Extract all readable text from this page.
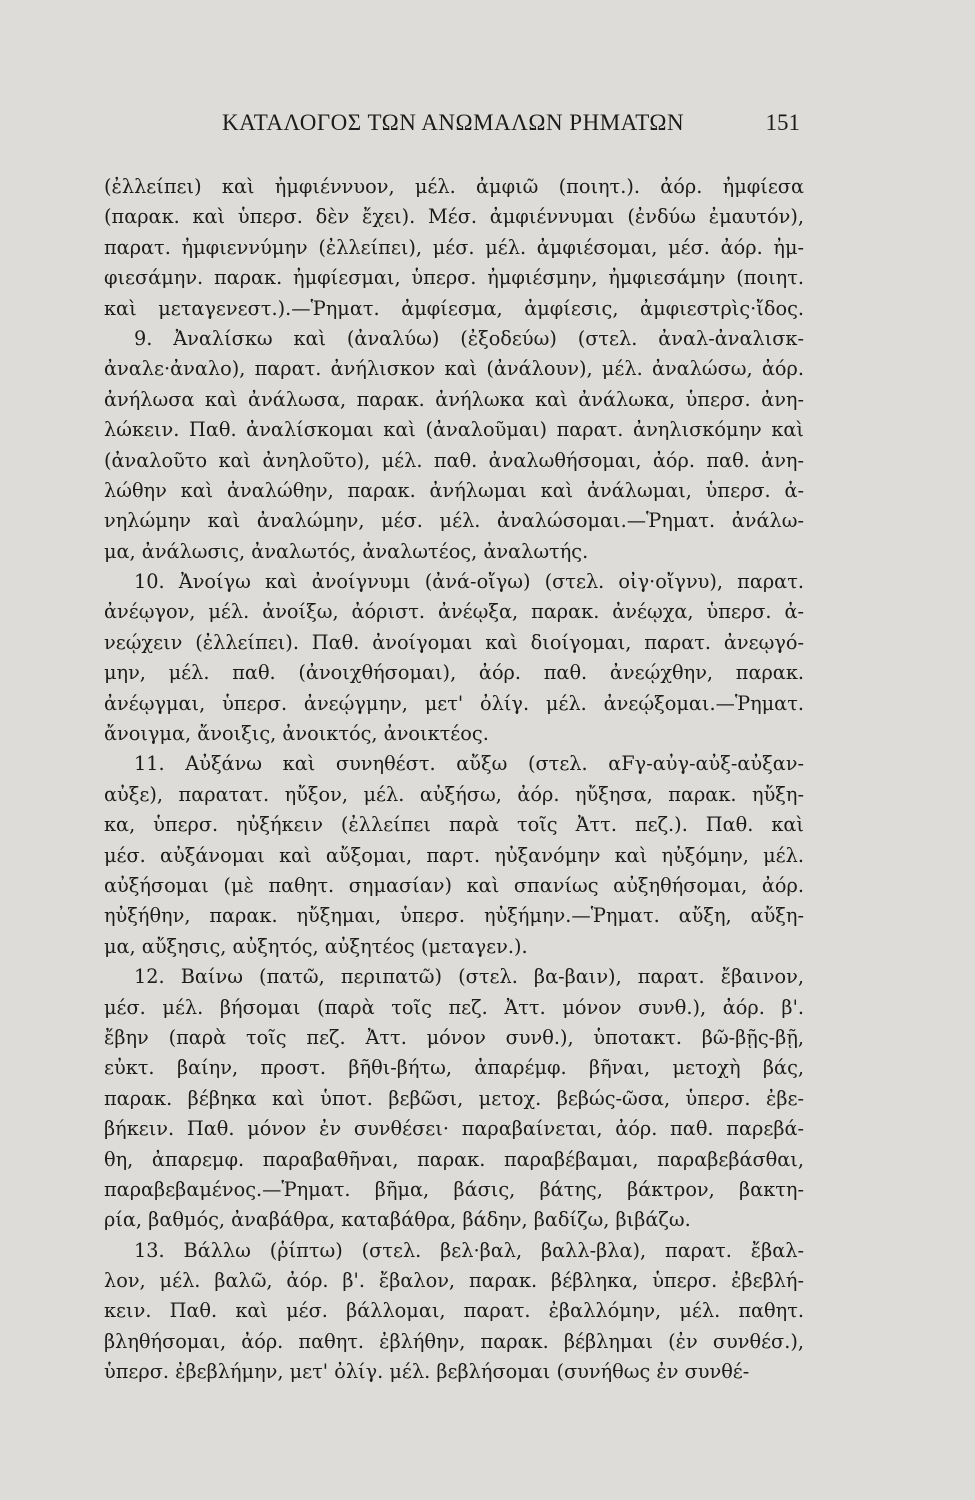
ΚΑΤΑΛΟΓΟΣ ΤΩΝ ΑΝΩΜΑΛΩΝ ΡΗΜΑΤΩΝ	151
(ἐλλείπει) καὶ ἠμφιέννυον, μέλ. ἀμφιῶ (ποιητ.). ἀόρ. ἠμφίεσα
(παρακ. καὶ ὑπερσ. δὲν ἔχει). Μέσ. ἀμφιέννυμαι (ἐνδύω ἐμαυτόν),
παρατ. ἠμφιεννύμην (ἐλλείπει), μέσ. μέλ. ἀμφιέσομαι, μέσ. ἀόρ. ἠμ-
φιεσάμην. παρακ. ἠμφίεσμαι, ὑπερσ. ἠμφιέσμην, ἠμφιεσάμην (ποιητ.
καὶ μεταγενεστ.).—Ῥηματ. ἀμφίεσμα, ἀμφίεσις, ἀμφιεστρὶς·ἴδος.
9. Ἀναλίσκω καὶ (ἀναλύω) (ἐξοδεύω) (στελ. ἀναλ-ἀναλισκ-
ἀναλε·ἀναλο), παρατ. ἀνήλισκον καὶ (ἀνάλουν), μέλ. ἀναλώσω, ἀόρ.
ἀνήλωσα καὶ ἀνάλωσα, παρακ. ἀνήλωκα καὶ ἀνάλωκα, ὑπερσ. ἀνη-
λώκειν. Παθ. ἀναλίσκομαι καὶ (ἀναλοῦμαι) παρατ. ἀνηλισκόμην καὶ
(ἀναλοῦτο καὶ ἀνηλοῦτο), μέλ. παθ. ἀναλωθήσομαι, ἀόρ. παθ. ἀνη-
λώθην καὶ ἀναλώθην, παρακ. ἀνήλωμαι καὶ ἀνάλωμαι, ὑπερσ. ἀ-
νηλώμην καὶ ἀναλώμην, μέσ. μέλ. ἀναλώσομαι.—Ῥηματ. ἀνάλω-
μα, ἀνάλωσις, ἀναλωτός, ἀναλωτέος, ἀναλωτής.
10. Ἀνοίγω καὶ ἀνοίγνυμι (ἀνά-οἴγω) (στελ. οἰγ·οἴγνυ), παρατ.
ἀνέῳγον, μέλ. ἀνοίξω, ἀόριστ. ἀνέῳξα, παρακ. ἀνέῳχα, ὑπερσ. ἀ-
νεῴχειν (ἐλλείπει). Παθ. ἀνοίγομαι καὶ διοίγομαι, παρατ. ἀνεῳγό-
μην, μέλ. παθ. (ἀνοιχθήσομαι), ἀόρ. παθ. ἀνεῴχθην, παρακ.
ἀνέῳγμαι, ὑπερσ. ἀνεῴγμην, μετ' ὀλίγ. μέλ. ἀνεῴξομαι.—Ῥηματ.
ἄνοιγμα, ἄνοιξις, ἀνοικτός, ἀνοικτέος.
11. Αὐξάνω καὶ συνηθέστ. αὔξω (στελ. αFγ-αὐγ-αὐξ-αὐξαν-
αὐξε), παρατατ. ηὔξον, μέλ. αὐξήσω, ἀόρ. ηὔξησα, παρακ. ηὔξη-
κα, ὑπερσ. ηὐξήκειν (ἐλλείπει παρὰ τοῖς Ἀττ. πεζ.). Παθ. καὶ
μέσ. αὐξάνομαι καὶ αὔξομαι, παρτ. ηὐξανόμην καὶ ηὐξόμην, μέλ.
αὐξήσομαι (μὲ παθητ. σημασίαν) καὶ σπανίως αὐξηθήσομαι, ἀόρ.
ηὐξήθην, παρακ. ηὔξημαι, ὑπερσ. ηὐξήμην.—Ῥηματ. αὔξη, αὔξη-
μα, αὔξησις, αὐξητός, αὐξητέος (μεταγεν.).
12. Βαίνω (πατῶ, περιπατῶ) (στελ. βα-βαιν), παρατ. ἔβαινον,
μέσ. μέλ. βήσομαι (παρὰ τοῖς πεζ. Ἀττ. μόνον συνθ.), ἀόρ. β'.
ἔβην (παρὰ τοῖς πεζ. Ἀττ. μόνον συνθ.), ὑποτακτ. βῶ-βῇς-βῇ,
εὐκτ. βαίην, προστ. βῆθι-βήτω, ἀπαρέμφ. βῆναι, μετοχὴ βάς,
παρακ. βέβηκα καὶ ὑποτ. βεβῶσι, μετοχ. βεβώς-ῶσα, ὑπερσ. ἐβε-
βήκειν. Παθ. μόνον ἐν συνθέσει· παραβαίνεται, ἀόρ. παθ. παρεβά-
θη, ἀπαρεμφ. παραβαθῆναι, παρακ. παραβέβαμαι, παραβεβάσθαι,
παραβεβαμένος.—Ῥηματ. βῆμα, βάσις, βάτης, βάκτρον, βακτη-
ρία, βαθμός, ἀναβάθρα, καταβάθρα, βάδην, βαδίζω, βιβάζω.
13. Βάλλω (ῥίπτω) (στελ. βελ·βαλ, βαλλ-βλα), παρατ. ἔβαλ-
λον, μέλ. βαλῶ, ἀόρ. β'. ἔβαλον, παρακ. βέβληκα, ὑπερσ. ἐβεβλή-
κειν. Παθ. καὶ μέσ. βάλλομαι, παρατ. ἐβαλλόμην, μέλ. παθητ.
βληθήσομαι, ἀόρ. παθητ. ἐβλήθην, παρακ. βέβλημαι (ἐν συνθέσ.),
ὑπερσ. ἐβεβλήμην, μετ' ὀλίγ. μέλ. βεβλήσομαι (συνήθως ἐν συνθέ-
